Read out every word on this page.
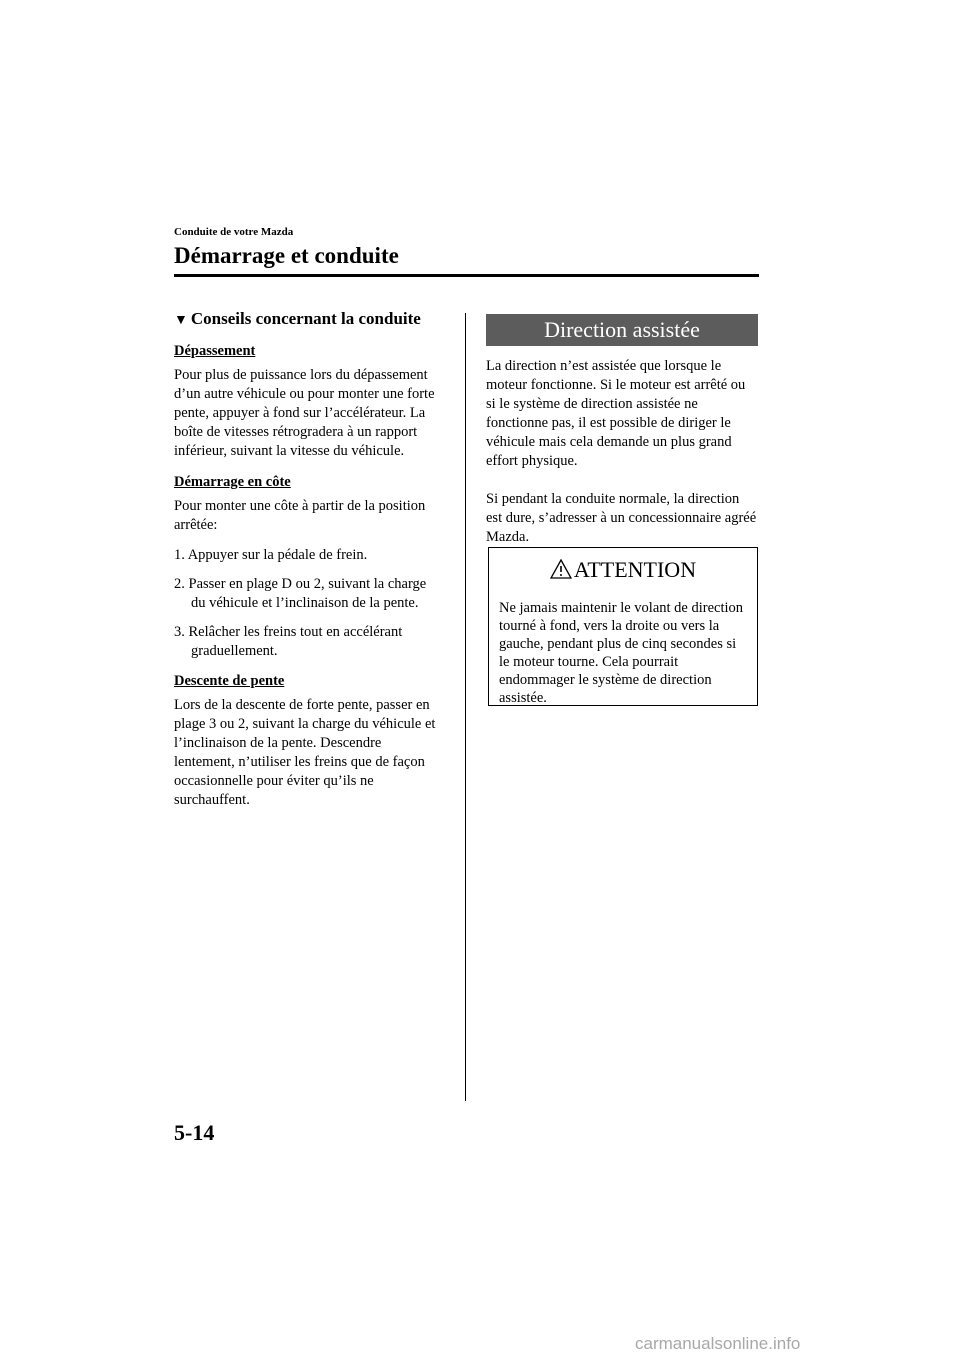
Conduite de votre Mazda
Démarrage et conduite
▼ Conseils concernant la conduite
Dépassement

Pour plus de puissance lors du dépassement d’un autre véhicule ou pour monter une forte pente, appuyer à fond sur l’accélérateur. La boîte de vitesses rétrogradera à un rapport inférieur, suivant la vitesse du véhicule.

Démarrage en côte

Pour monter une côte à partir de la position arrêtée:

1. Appuyer sur la pédale de frein.
2. Passer en plage D ou 2, suivant la charge du véhicule et l’inclinaison de la pente.
3. Relâcher les freins tout en accélérant graduellement.
Descente de pente

Lors de la descente de forte pente, passer en plage 3 ou 2, suivant la charge du véhicule et l’inclinaison de la pente. Descendre lentement, n’utiliser les freins que de façon occasionnelle pour éviter qu’ils ne surchauffent.

Direction assistée

La direction n’est assistée que lorsque le moteur fonctionne. Si le moteur est arrêté ou si le système de direction assistée ne fonctionne pas, il est possible de diriger le véhicule mais cela demande un plus grand effort physique.

Si pendant la conduite normale, la direction est dure, s’adresser à un concessionnaire agréé Mazda.

ATTENTION

Ne jamais maintenir le volant de direction tourné à fond, vers la droite ou vers la gauche, pendant plus de cinq secondes si le moteur tourne. Cela pourrait endommager le système de direction assistée.

5-14
carmanualsonline.info
